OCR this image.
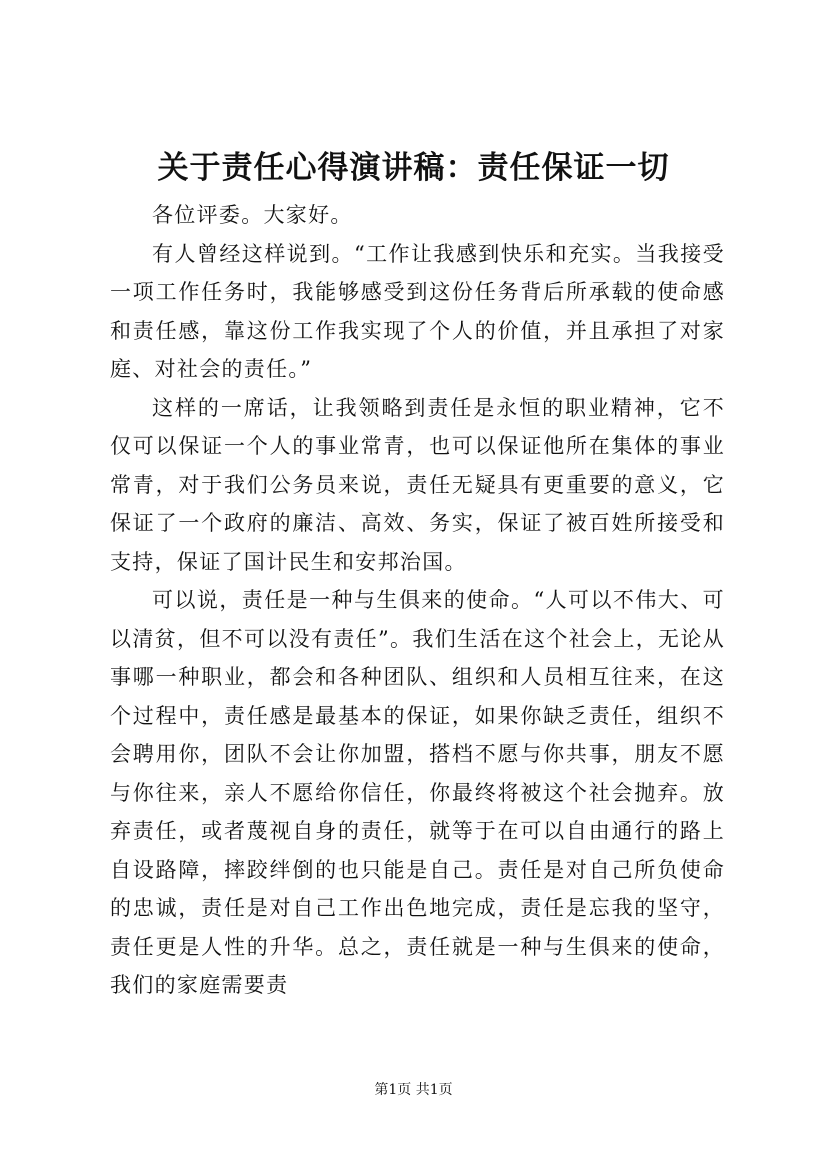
关于责任心得演讲稿：责任保证一切

各位评委。大家好。

有人曾经这样说到。“工作让我感到快乐和充实。当我接受一项工作任务时，我能够感受到这份任务背后所承载的使命感和责任感，靠这份工作我实现了个人的价值，并且承担了对家庭、对社会的责任。”

这样的一席话，让我领略到责任是永恒的职业精神，它不仅可以保证一个人的事业常青，也可以保证他所在集体的事业常青，对于我们公务员来说，责任无疑具有更重要的意义，它保证了一个政府的廉洁、高效、务实，保证了被百姓所接受和支持，保证了国计民生和安邦治国。

可以说，责任是一种与生俱来的使命。“人可以不伟大、可以清贫，但不可以没有责任”。我们生活在这个社会上，无论从事哪一种职业，都会和各种团队、组织和人员相互往来，在这个过程中，责任感是最基本的保证，如果你缺乏责任，组织不会聘用你，团队不会让你加盟，搭档不愿与你共事，朋友不愿与你往来，亲人不愿给你信任，你最终将被这个社会抛弃。放弃责任，或者蔑视自身的责任，就等于在可以自由通行的路上自设路障，摔跤绊倒的也只能是自己。责任是对自己所负使命的忠诚，责任是对自己工作出色地完成，责任是忘我的坚守，责任更是人性的升华。总之，责任就是一种与生俱来的使命，我们的家庭需要责

第1页 共1页
